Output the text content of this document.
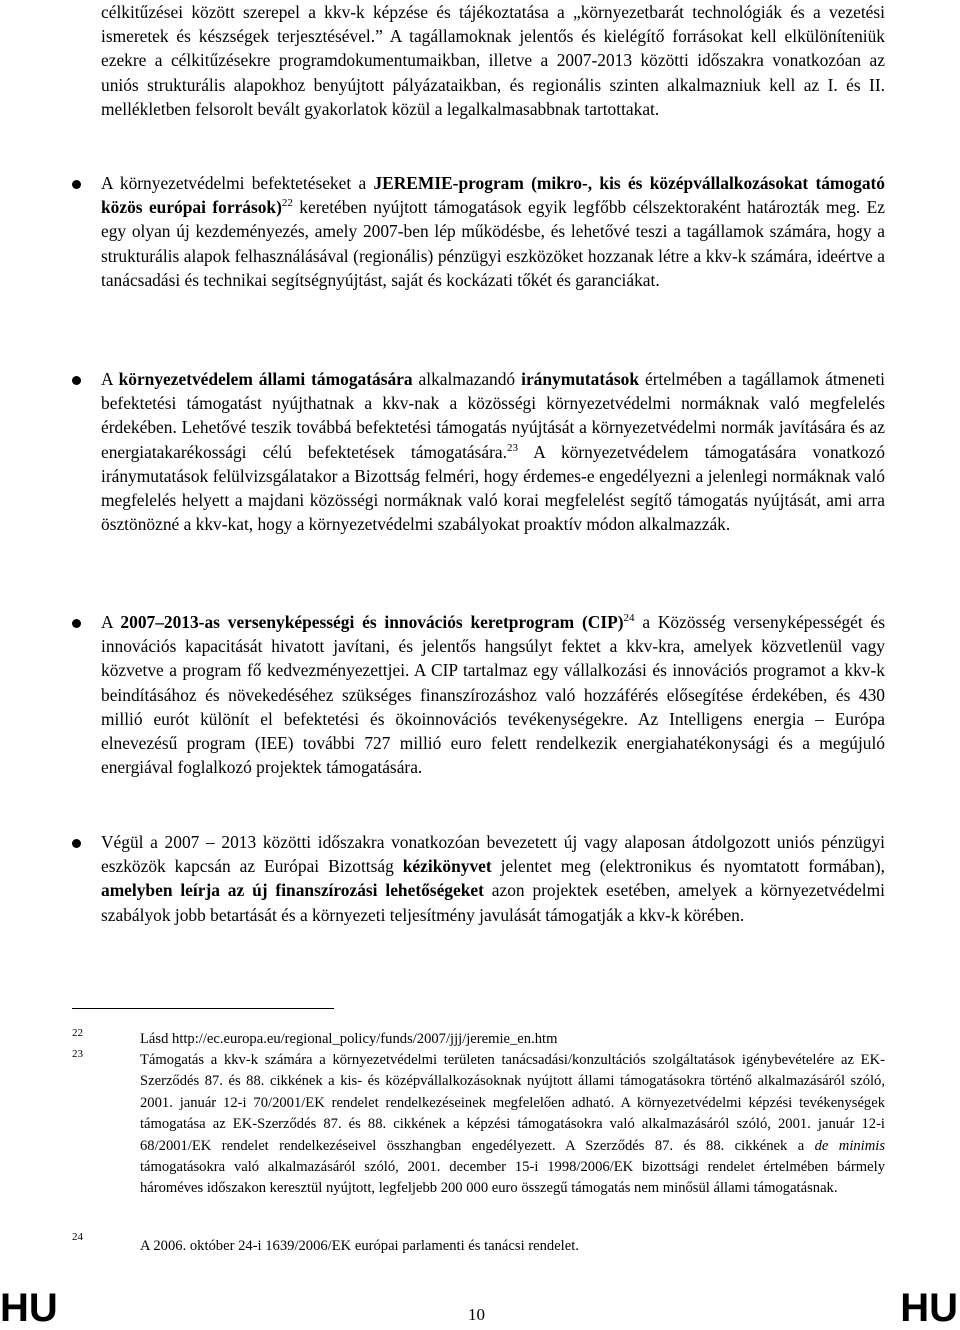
célkitűzései között szerepel a kkv-k képzése és tájékoztatása a „környezetbarát technológiák és a vezetési ismeretek és készségek terjesztésével.” A tagállamoknak jelentős és kielégítő forrásokat kell elkülöníteniük ezekre a célkitűzésekre programdokumentumaikban, illetve a 2007-2013 közötti időszakra vonatkozóan az uniós strukturális alapokhoz benyújtott pályázataikban, és regionális szinten alkalmazniuk kell az I. és II. mellékletben felsorolt bevált gyakorlatok közül a legalkalmasabbnak tartottakat.

A környezetvédelmi befektetéseket a JEREMIE-program (mikro-, kis és középvállalkozásokat támogató közös európai források)$^{22}$ keretében nyújtott támogatások egyik legfőbb célszektoraként határozták meg. Ez egy olyan új kezdeményezés, amely 2007-ben lép működésbe, és lehetővé teszi a tagállamok számára, hogy a strukturális alapok felhasználásával (regionális) pénzügyi eszközöket hozzanak létre a kkv-k számára, ideértve a tanácsadási és technikai segítségnyújtást, saját és kockázati tőkét és garanciákat.

A környezetvédelem állami támogatására alkalmazandó iránymutatások értelmében a tagállamok átmeneti befektetési támogatást nyújthatnak a kkv-nak a közösségi környezetvédelmi normáknak való megfelelés érdekében. Lehetővé teszik továbbá befektetési támogatás nyújtását a környezetvédelmi normák javítására és az energiatakarékossági célú befektetések támogatására.$^{23}$ A környezetvédelem támogatására vonatkozó iránymutatások felülvizsgálatakor a Bizottság felméri, hogy érdemes-e engedélyezni a jelenlegi normáknak való megfelelés helyett a majdani közösségi normáknak való korai megfelelést segítő támogatás nyújtását, ami arra ösztönözné a kkv-kat, hogy a környezetvédelmi szabályokat proaktív módon alkalmazzák.

A 2007–2013-as versenyképességi és innovációs keretprogram (CIP)$^{24}$ a Közösség versenyképességét és innovációs kapacitását hivatott javítani, és jelentős hangsúlyt fektet a kkv-kra, amelyek közvetlenül vagy közvetve a program fő kedvezményezettjei. A CIP tartalmaz egy vállalkozási és innovációs programot a kkv-k beindításához és növekedéséhez szükséges finanszírozáshoz való hozzáférés elősegítése érdekében, és 430 millió eurót különít el befektetési és ökoinnovációs tevékenységekre. Az Intelligens energia – Európa elnevezésű program (IEE) további 727 millió euro felett rendelkezik energiahatékonysági és a megújuló energiával foglalkozó projektek támogatására.

Végül a 2007 – 2013 közötti időszakra vonatkozóan bevezetett új vagy alaposan átdolgozott uniós pénzügyi eszközök kapcsán az Európai Bizottság kézikönyvet jelentet meg (elektronikus és nyomtatott formában), amelyben leírja az új finanszírozási lehetőségeket azon projektek esetében, amelyek a környezetvédelmi szabályok jobb betartását és a környezeti teljesítmény javulását támogatják a kkv-k körében.

22
23
24

Lásd http://ec.europa.eu/regional_policy/funds/2007/jjj/jeremie_en.htm

Támogatás a kkv-k számára a környezetvédelmi területen tanácsadási/konzultációs szolgáltatások igénybevételére az EK-Szerződés 87. és 88. cikkének a kis- és középvállalkozásoknak nyújtott állami támogatásokra történő alkalmazásáról szóló, 2001. január 12-i 70/2001/EK rendelet rendelkezéseinek megfelelően adható. A környezetvédelmi képzési tevékenységek támogatása az EK-Szerződés 87. és 88. cikkének a képzési támogatásokra való alkalmazásáról szóló, 2001. január 12-i 68/2001/EK rendelet rendelkezéseivel összhangban engedélyezett. A Szerződés 87. és 88. cikkének a de minimis támogatásokra való alkalmazásáról szóló, 2001. december 15-i 1998/2006/EK bizottsági rendelet értelmében bármely hároméves időszakon keresztül nyújtott, legfeljebb 200 000 euro összegű támogatás nem minősül állami támogatásnak.

A 2006. október 24-i 1639/2006/EK európai parlamenti és tanácsi rendelet.

HU	10	HU
